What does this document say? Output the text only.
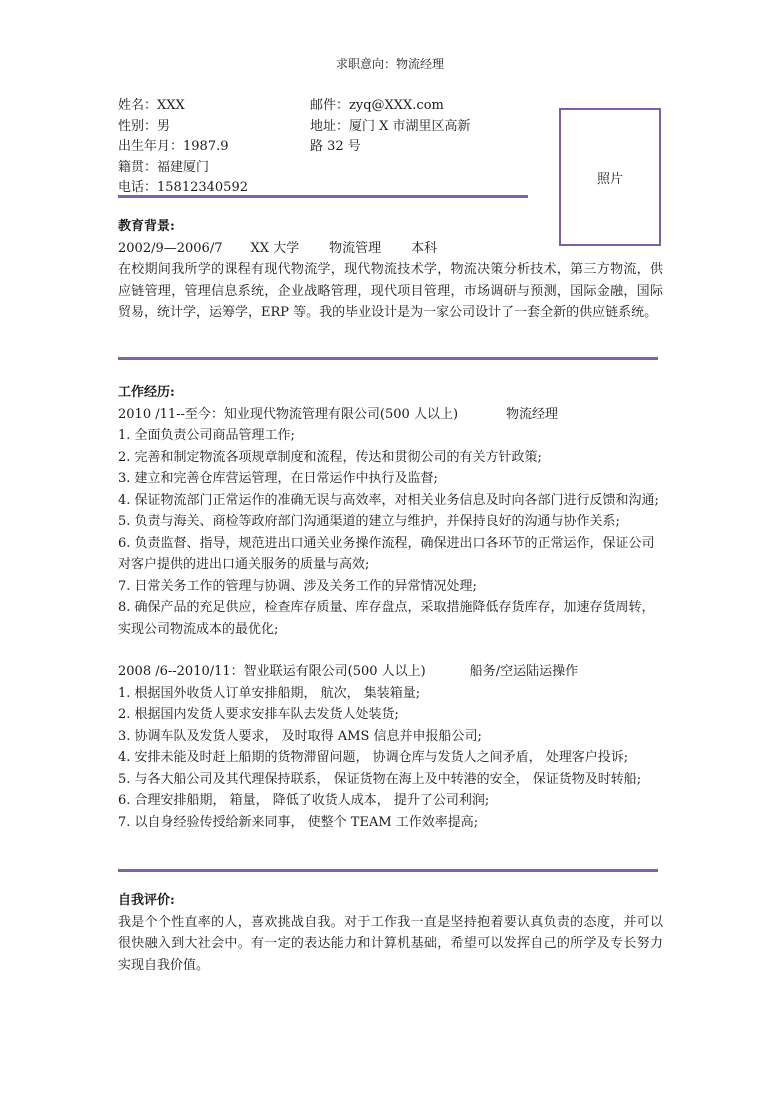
求职意向：物流经理
姓名：XXX
性别：男
出生年月：1987.9
籍贯：福建厦门
电话：15812340592
邮件：zyq@XXX.com
地址：厦门 X 市湖里区高新
路 32 号
照片
教育背景:
2002/9—2006/7 XX 大学 物流管理 本科
在校期间我所学的课程有现代物流学，现代物流技术学，物流决策分析技术，第三方物流，供应链管理，管理信息系统，企业战略管理，现代项目管理，市场调研与预测，国际金融，国际贸易，统计学，运筹学，ERP 等。我的毕业设计是为一家公司设计了一套全新的供应链系统。
工作经历:
2010 /11--至今：知业现代物流管理有限公司(500 人以上)	物流经理
1. 全面负责公司商品管理工作;
2. 完善和制定物流各项规章制度和流程，传达和贯彻公司的有关方针政策;
3. 建立和完善仓库营运管理，在日常运作中执行及监督;
4. 保证物流部门正常运作的准确无误与高效率，对相关业务信息及时向各部门进行反馈和沟通;
5. 负责与海关、商检等政府部门沟通渠道的建立与维护，并保持良好的沟通与协作关系;
6. 负责监督、指导，规范进出口通关业务操作流程，确保进出口各环节的正常运作，保证公司对客户提供的进出口通关服务的质量与高效;
7. 日常关务工作的管理与协调、涉及关务工作的异常情况处理;
8. 确保产品的充足供应，检查库存质量、库存盘点，采取措施降低存货库存，加速存货周转，实现公司物流成本的最优化;
2008 /6--2010/11：智业联运有限公司(500 人以上)	船务/空运陆运操作
1. 根据国外收货人订单安排船期， 航次， 集装箱量;
2. 根据国内发货人要求安排车队去发货人处装货;
3. 协调车队及发货人要求， 及时取得 AMS 信息并申报船公司;
4. 安排未能及时赶上船期的货物滞留问题， 协调仓库与发货人之间矛盾， 处理客户投诉;
5. 与各大船公司及其代理保持联系， 保证货物在海上及中转港的安全， 保证货物及时转船;
6. 合理安排船期， 箱量， 降低了收货人成本， 提升了公司利润;
7. 以自身经验传授给新来同事， 使整个 TEAM 工作效率提高;
自我评价:
我是个个性直率的人，喜欢挑战自我。对于工作我一直是坚持抱着要认真负责的态度，并可以很快融入到大社会中。有一定的表达能力和计算机基础，希望可以发挥自己的所学及专长努力实现自我价值。
